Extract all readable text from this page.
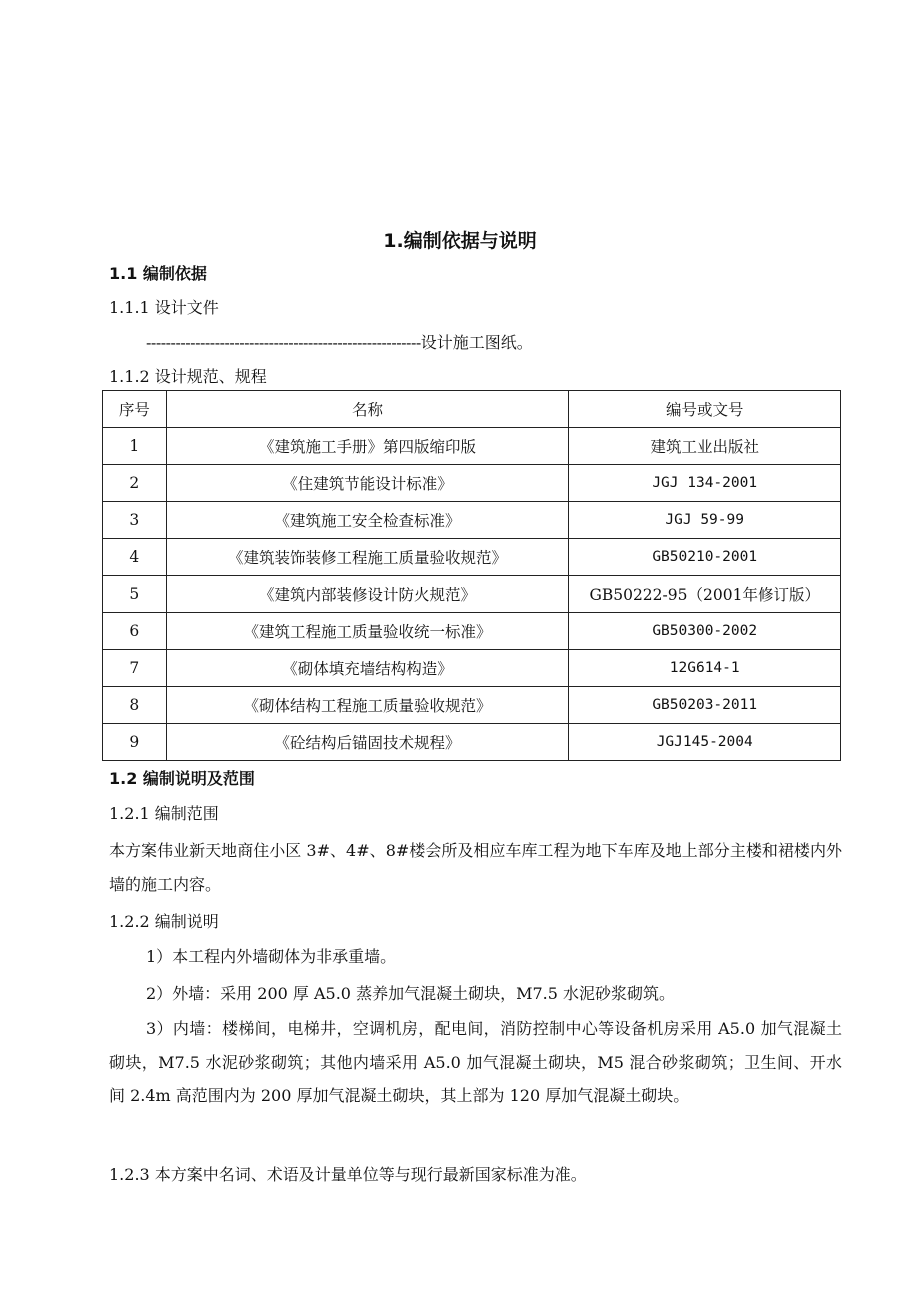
1.编制依据与说明
1.1 编制依据
1.1.1 设计文件
--------------------------------------------------------设计施工图纸。
1.1.2 设计规范、规程
序号	名称	编号或文号
1	《建筑施工手册》第四版缩印版	建筑工业出版社
2	《住建筑节能设计标准》	JGJ 134-2001
3	《建筑施工安全检查标准》	JGJ 59-99
4	《建筑装饰装修工程施工质量验收规范》	GB50210-2001
5	《建筑内部装修设计防火规范》	GB50222-95（2001年修订版）
6	《建筑工程施工质量验收统一标准》	GB50300-2002
7	《砌体填充墙结构构造》	12G614-1
8	《砌体结构工程施工质量验收规范》	GB50203-2011
9	《砼结构后锚固技术规程》	JGJ145-2004
1.2 编制说明及范围
1.2.1 编制范围
本方案伟业新天地商住小区 3#、4#、8#楼会所及相应车库工程为地下车库及地上部分主楼和裙楼内外墙的施工内容。
1.2.2 编制说明
1）本工程内外墙砌体为非承重墙。
2）外墙：采用 200 厚 A5.0 蒸养加气混凝土砌块，M7.5 水泥砂浆砌筑。
3）内墙：楼梯间，电梯井，空调机房，配电间，消防控制中心等设备机房采用 A5.0 加气混凝土砌块，M7.5 水泥砂浆砌筑；其他内墙采用 A5.0 加气混凝土砌块，M5 混合砂浆砌筑；卫生间、开水间 2.4m 高范围内为 200 厚加气混凝土砌块，其上部为 120 厚加气混凝土砌块。
1.2.3 本方案中名词、术语及计量单位等与现行最新国家标准为准。
